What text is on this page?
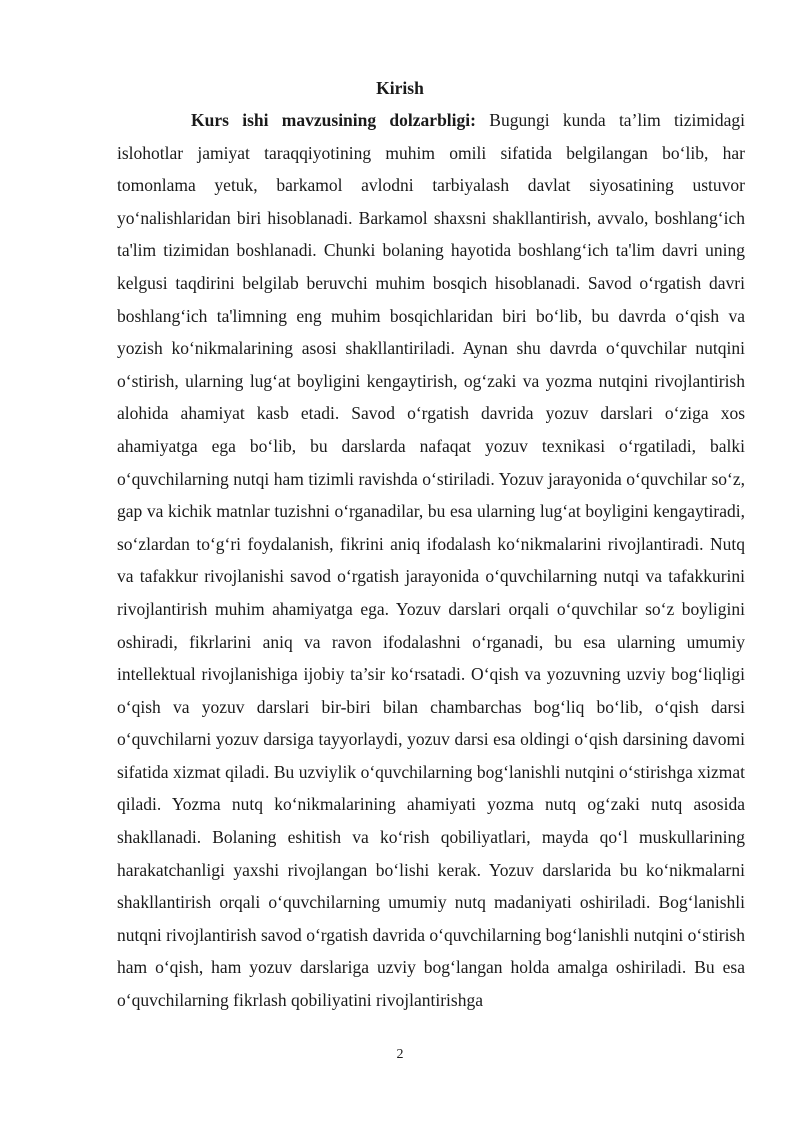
Kirish

Kurs ishi mavzusining dolzarbligi: Bugungi kunda ta’lim tizimidagi islohotlar jamiyat taraqqiyotining muhim omili sifatida belgilangan bo‘lib, har tomonlama yetuk, barkamol avlodni tarbiyalash davlat siyosatining ustuvor yo‘nalishlaridan biri hisoblanadi. Barkamol shaxsni shakllantirish, avvalo, boshlang‘ich ta'lim tizimidan boshlanadi. Chunki bolaning hayotida boshlang‘ich ta'lim davri uning kelgusi taqdirini belgilab beruvchi muhim bosqich hisoblanadi. Savod o‘rgatish davri boshlang‘ich ta'limning eng muhim bosqichlaridan biri bo‘lib, bu davrda o‘qish va yozish ko‘nikmalarining asosi shakllantiriladi. Aynan shu davrda o‘quvchilar nutqini o‘stirish, ularning lug‘at boyligini kengaytirish, og‘zaki va yozma nutqini rivojlantirish alohida ahamiyat kasb etadi. Savod o‘rgatish davrida yozuv darslari o‘ziga xos ahamiyatga ega bo‘lib, bu darslarda nafaqat yozuv texnikasi o‘rgatiladi, balki o‘quvchilarning nutqi ham tizimli ravishda o‘stiriladi. Yozuv jarayonida o‘quvchilar so‘z, gap va kichik matnlar tuzishni o‘rganadilar, bu esa ularning lug‘at boyligini kengaytiradi, so‘zlardan to‘g‘ri foydalanish, fikrini aniq ifodalash ko‘nikmalarini rivojlantiradi. Nutq va tafakkur rivojlanishi savod o‘rgatish jarayonida o‘quvchilarning nutqi va tafakkurini rivojlantirish muhim ahamiyatga ega. Yozuv darslari orqali o‘quvchilar so‘z boyligini oshiradi, fikrlarini aniq va ravon ifodalashni o‘rganadi, bu esa ularning umumiy intellektual rivojlanishiga ijobiy ta’sir ko‘rsatadi. O‘qish va yozuvning uzviy bog‘liqligi o‘qish va yozuv darslari bir-biri bilan chambarchas bog‘liq bo‘lib, o‘qish darsi o‘quvchilarni yozuv darsiga tayyorlaydi, yozuv darsi esa oldingi o‘qish darsining davomi sifatida xizmat qiladi. Bu uzviylik o‘quvchilarning bog‘lanishli nutqini o‘stirishga xizmat qiladi. Yozma nutq ko‘nikmalarining ahamiyati yozma nutq og‘zaki nutq asosida shakllanadi. Bolaning eshitish va ko‘rish qobiliyatlari, mayda qo‘l muskullarining harakatchanligi yaxshi rivojlangan bo‘lishi kerak. Yozuv darslarida bu ko‘nikmalarni shakllantirish orqali o‘quvchilarning umumiy nutq madaniyati oshiriladi. Bog‘lanishli nutqni rivojlantirish savod o‘rgatish davrida o‘quvchilarning bog‘lanishli nutqini o‘stirish ham o‘qish, ham yozuv darslariga uzviy bog‘langan holda amalga oshiriladi. Bu esa o‘quvchilarning fikrlash qobiliyatini rivojlantirishga

2
